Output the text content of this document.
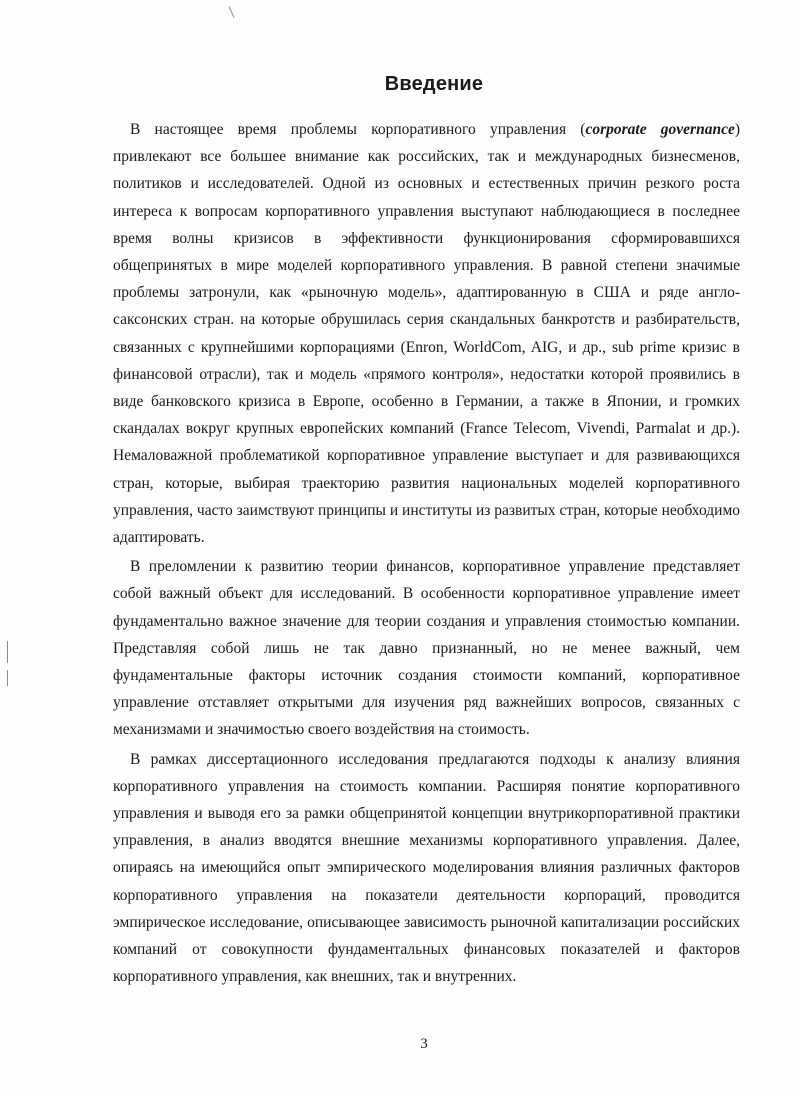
Введение

В настоящее время проблемы корпоративного управления (corporate governance) привлекают все большее внимание как российских, так и международных бизнесменов, политиков и исследователей. Одной из основных и естественных причин резкого роста интереса к вопросам корпоративного управления выступают наблюдающиеся в последнее время волны кризисов в эффективности функционирования сформировавшихся общепринятых в мире моделей корпоративного управления. В равной степени значимые проблемы затронули, как «рыночную модель», адаптированную в США и ряде англо-саксонских стран. на которые обрушилась серия скандальных банкротств и разбирательств, связанных с крупнейшими корпорациями (Enron, WorldCom, AIG, и др., sub prime кризис в финансовой отрасли), так и модель «прямого контроля», недостатки которой проявились в виде банковского кризиса в Европе, особенно в Германии, а также в Японии, и громких скандалах вокруг крупных европейских компаний (France Telecom, Vivendi, Parmalat и др.). Немаловажной проблематикой корпоративное управление выступает и для развивающихся стран, которые, выбирая траекторию развития национальных моделей корпоративного управления, часто заимствуют принципы и институты из развитых стран, которые необходимо адаптировать.

В преломлении к развитию теории финансов, корпоративное управление представляет собой важный объект для исследований. В особенности корпоративное управление имеет фундаментально важное значение для теории создания и управления стоимостью компании. Представляя собой лишь не так давно признанный, но не менее важный, чем фундаментальные факторы источник создания стоимости компаний, корпоративное управление отставляет открытыми для изучения ряд важнейших вопросов, связанных с механизмами и значимостью своего воздействия на стоимость.

В рамках диссертационного исследования предлагаются подходы к анализу влияния корпоративного управления на стоимость компании. Расширяя понятие корпоративного управления и выводя его за рамки общепринятой концепции внутрикорпоративной практики управления, в анализ вводятся внешние механизмы корпоративного управления. Далее, опираясь на имеющийся опыт эмпирического моделирования влияния различных факторов корпоративного управления на показатели деятельности корпораций, проводится эмпирическое исследование, описывающее зависимость рыночной капитализации российских компаний от совокупности фундаментальных финансовых показателей и факторов корпоративного управления, как внешних, так и внутренних.

3
